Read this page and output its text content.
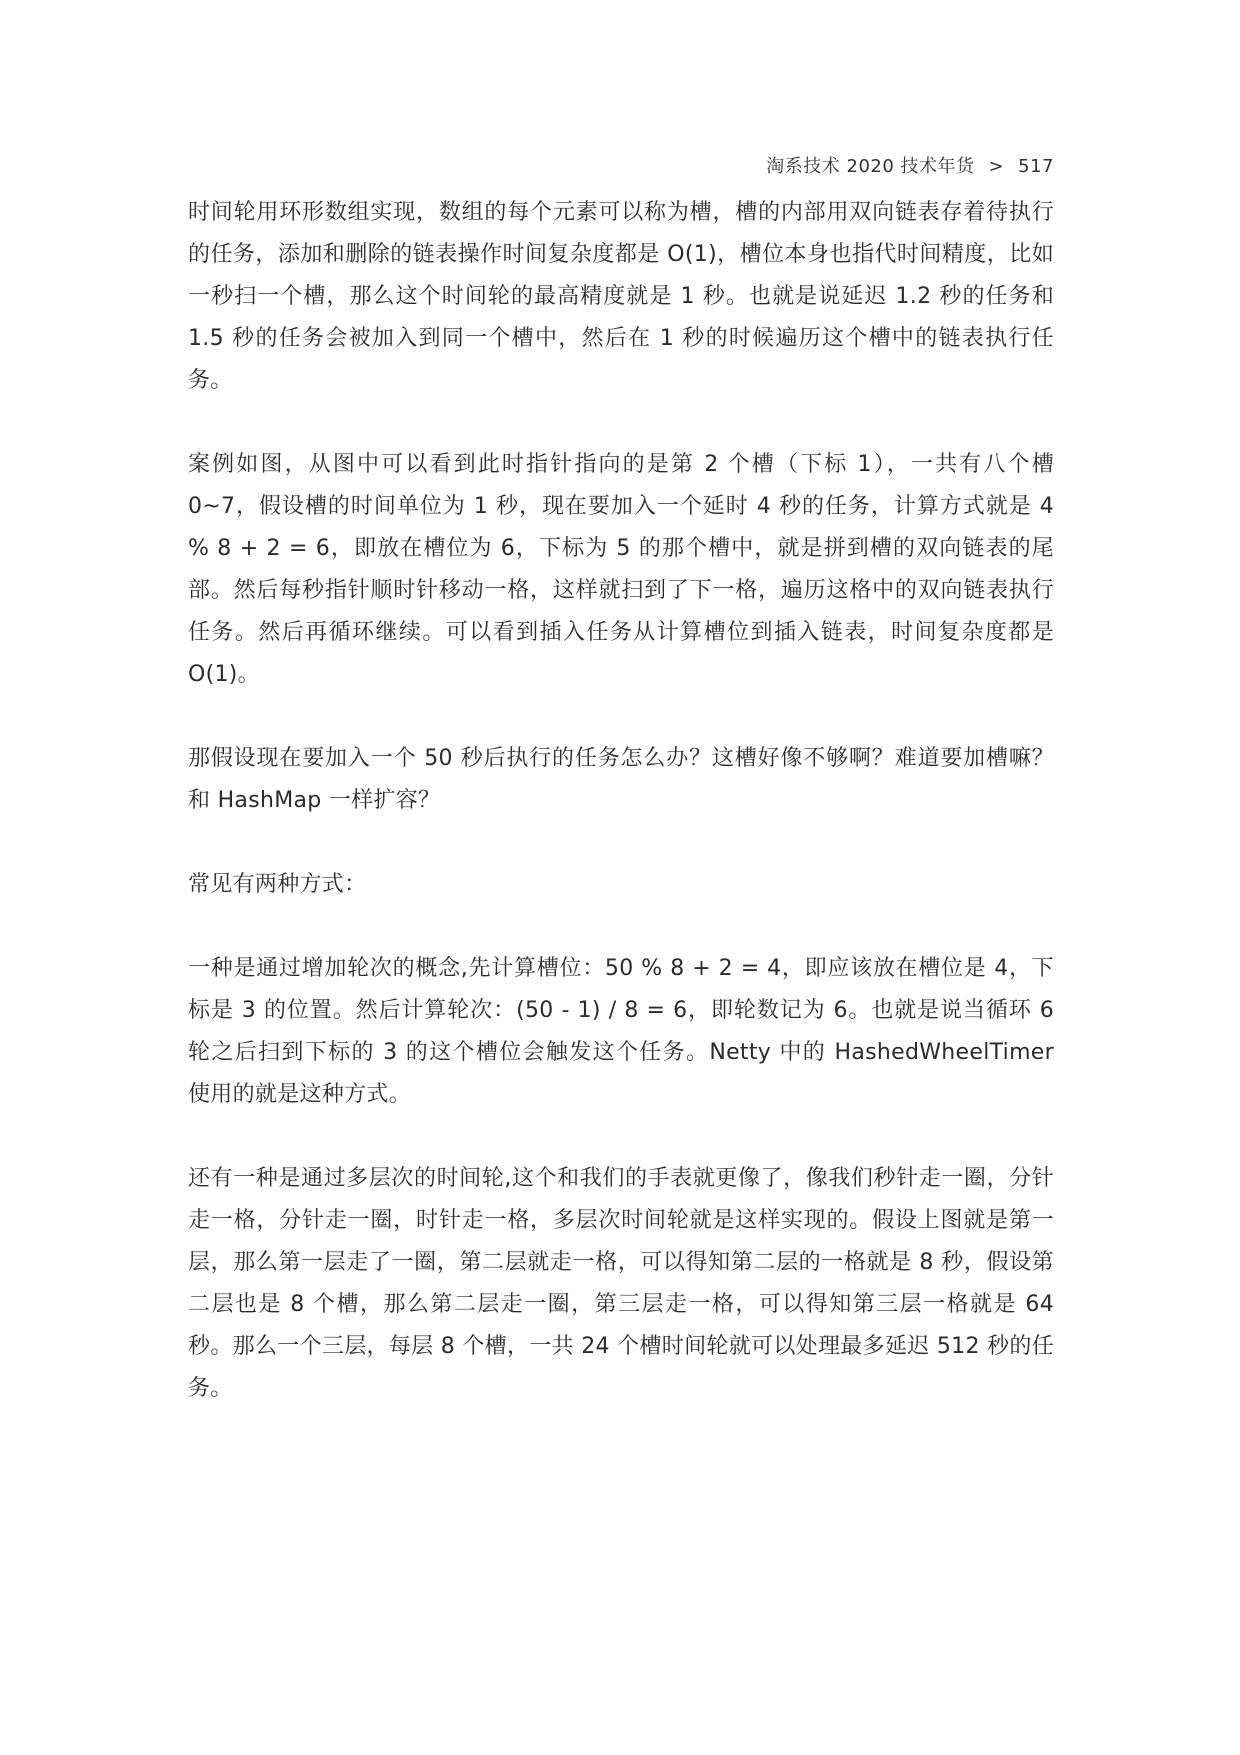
淘系技术 2020 技术年货 > 517

时间轮用环形数组实现，数组的每个元素可以称为槽，槽的内部用双向链表存着待执行的任务，添加和删除的链表操作时间复杂度都是 O(1)，槽位本身也指代时间精度，比如一秒扫一个槽，那么这个时间轮的最高精度就是 1 秒。也就是说延迟 1.2 秒的任务和 1.5 秒的任务会被加入到同一个槽中，然后在 1 秒的时候遍历这个槽中的链表执行任务。

案例如图，从图中可以看到此时指针指向的是第 2 个槽（下标 1），一共有八个槽 0~7，假设槽的时间单位为 1 秒，现在要加入一个延时 4 秒的任务，计算方式就是 4 % 8 + 2 = 6，即放在槽位为 6，下标为 5 的那个槽中，就是拼到槽的双向链表的尾部。然后每秒指针顺时针移动一格，这样就扫到了下一格，遍历这格中的双向链表执行任务。然后再循环继续。可以看到插入任务从计算槽位到插入链表，时间复杂度都是 O(1)。

那假设现在要加入一个 50 秒后执行的任务怎么办？这槽好像不够啊？难道要加槽嘛？和 HashMap 一样扩容？

常见有两种方式：

一种是通过增加轮次的概念,先计算槽位：50 % 8 + 2 = 4，即应该放在槽位是 4，下标是 3 的位置。然后计算轮次：(50 - 1) / 8 = 6，即轮数记为 6。也就是说当循环 6 轮之后扫到下标的 3 的这个槽位会触发这个任务。Netty 中的 HashedWheelTimer 使用的就是这种方式。

还有一种是通过多层次的时间轮,这个和我们的手表就更像了，像我们秒针走一圈，分针走一格，分针走一圈，时针走一格，多层次时间轮就是这样实现的。假设上图就是第一层，那么第一层走了一圈，第二层就走一格，可以得知第二层的一格就是 8 秒，假设第二层也是 8 个槽，那么第二层走一圈，第三层走一格，可以得知第三层一格就是 64 秒。那么一个三层，每层 8 个槽，一共 24 个槽时间轮就可以处理最多延迟 512 秒的任务。
